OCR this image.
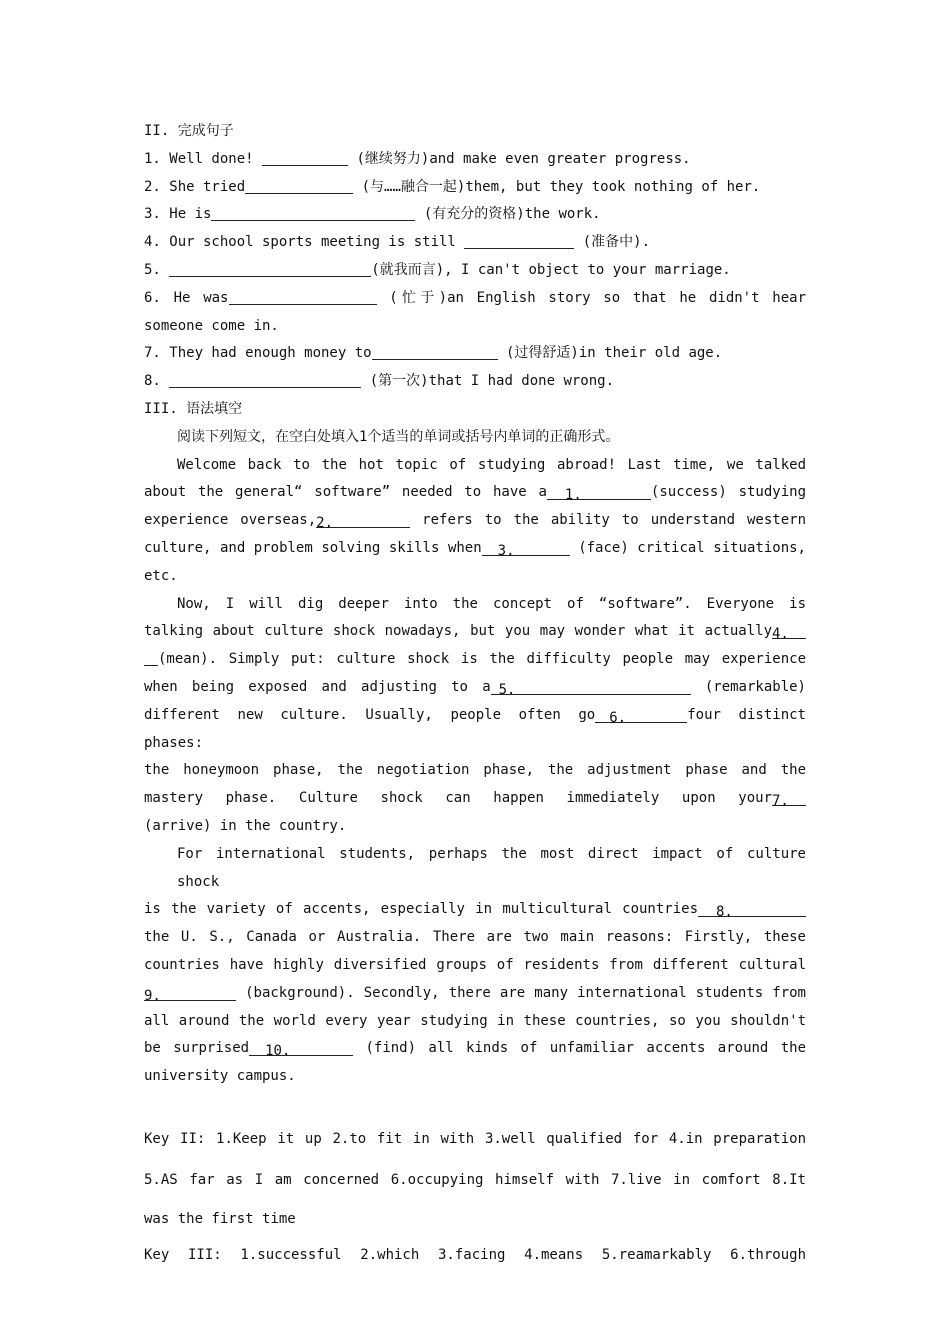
II. 完成句子
1. Well done!	(继续努力)and make even greater progress.
2. She tried	(与……融合一起)them, but they took nothing of her.
3. He is	(有充分的资格)the work.
4. Our school sports meeting is still	(准备中).
5.	(就我而言), I can't object to your marriage.
6. He was	(忙于)an English story so that he didn't hear
someone come in.
7. They had enough money to	(过得舒适)in their old age.
8.	(第一次)that I had done wrong.
III. 语法填空
阅读下列短文，在空白处填入1个适当的单词或括号内单词的正确形式。
Welcome back to the hot topic of studying abroad! Last time, we talked
about the general“ software” needed to have a 1.	(success) studying
experience overseas,2.	refers to the ability to understand western
culture, and problem solving skills when 3.	(face) critical situations,
etc.
Now, I will dig deeper into the concept of “software”. Everyone is
talking about culture shock nowadays, but you may wonder what it actually4.
(mean). Simply put: culture shock is the difficulty people may experience
when being exposed and adjusting to a 5.	(remarkable)
different new culture. Usually, people often go 6.	four distinct phases:
the honeymoon phase, the negotiation phase, the adjustment phase and the
mastery phase. Culture shock can happen immediately upon your7.
(arrive) in the country.
For international students, perhaps the most direct impact of culture shock
is the variety of accents, especially in multicultural countries 8.
the U. S., Canada or Australia. There are two main reasons: Firstly, these
countries have highly diversified groups of residents from different cultural
9.	(background). Secondly, there are many international students from
all around the world every year studying in these countries, so you shouldn't
be surprised 10.	(find) all kinds of unfamiliar accents around the
university campus.
Key II: 1.Keep it up 2.to fit in with 3.well qualified for 4.in preparation
5.AS far as I am concerned 6.occupying himself with 7.live in comfort 8.It
was the first time
Key III: 1.successful 2.which 3.facing 4.means 5.reamarkably 6.through
